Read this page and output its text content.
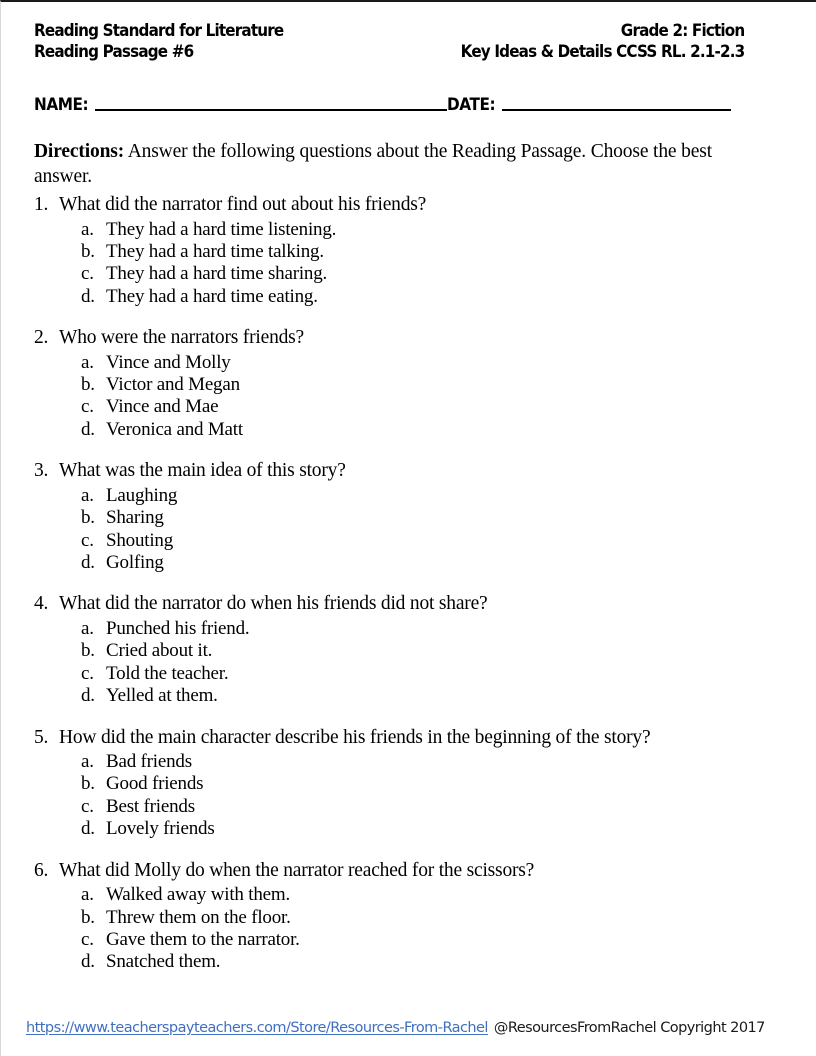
Reading Standard for Literature
Reading Passage #6
Grade 2: Fiction
Key Ideas & Details CCSS RL. 2.1-2.3
NAME:	DATE:
Directions: Answer the following questions about the Reading Passage. Choose the best answer.
1. What did the narrator find out about his friends?
a. They had a hard time listening.
b. They had a hard time talking.
c. They had a hard time sharing.
d. They had a hard time eating.
2. Who were the narrators friends?
a. Vince and Molly
b. Victor and Megan
c. Vince and Mae
d. Veronica and Matt
3. What was the main idea of this story?
a. Laughing
b. Sharing
c. Shouting
d. Golfing
4. What did the narrator do when his friends did not share?
a. Punched his friend.
b. Cried about it.
c. Told the teacher.
d. Yelled at them.
5. How did the main character describe his friends in the beginning of the story?
a. Bad friends
b. Good friends
c. Best friends
d. Lovely friends
6. What did Molly do when the narrator reached for the scissors?
a. Walked away with them.
b. Threw them on the floor.
c. Gave them to the narrator.
d. Snatched them.
https://www.teacherspayteachers.com/Store/Resources-From-Rachel @ResourcesFromRachel Copyright 2017
